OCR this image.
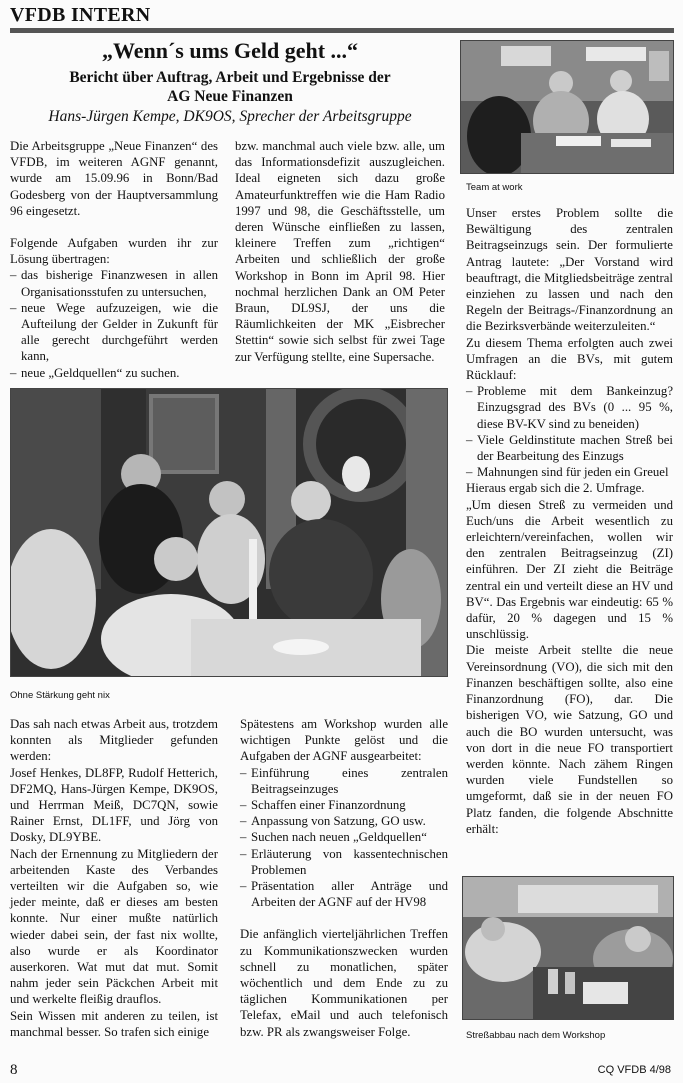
VFDB INTERN
„Wenn´s ums Geld geht ...“
Bericht über Auftrag, Arbeit und Ergebnisse der
AG Neue Finanzen
Hans-Jürgen Kempe, DK9OS, Sprecher der Arbeitsgruppe

Die Arbeitsgruppe „Neue Finanzen“ des VFDB, im weiteren AGNF genannt, wurde am 15.09.96 in Bonn/Bad Godesberg von der Hauptversammlung 96 eingesetzt.

Folgende Aufgaben wurden ihr zur Lösung übertragen:

– das bisherige Finanzwesen in allen Organisationsstufen zu untersuchen,
– neue Wege aufzuzeigen, wie die Aufteilung der Gelder in Zukunft für alle gerecht durchgeführt werden kann,
– neue „Geldquellen“ zu suchen.

bzw. manchmal auch viele bzw. alle, um das Informationsdefizit auszugleichen. Ideal eigneten sich dazu große Amateurfunktreffen wie die Ham Radio 1997 und 98, die Geschäftsstelle, um deren Wünsche einfließen zu lassen, kleinere Treffen zum „richtigen“ Arbeiten und schließlich der große Workshop in Bonn im April 98. Hier nochmal herzlichen Dank an OM Peter Braun, DL9SJ, der uns die Räumlichkeiten der MK „Eisbrecher Stettin“ sowie sich selbst für zwei Tage zur Verfügung stellte, eine Supersache.

Team at work

Unser erstes Problem sollte die Bewältigung des zentralen Beitragseinzugs sein. Der formulierte Antrag lautete: „Der Vorstand wird beauftragt, die Mitgliedsbeiträge zentral einziehen zu lassen und nach den Regeln der Beitrags-/Finanzordnung an die Bezirksverbände weiterzuleiten.“

Zu diesem Thema erfolgten auch zwei Umfragen an die BVs, mit gutem Rücklauf:

– Probleme mit dem Bankeinzug? Einzugsgrad des BVs (0 ... 95 %, diese BV-KV sind zu beneiden)
– Viele Geldinstitute machen Streß bei der Bearbeitung des Einzugs
– Mahnungen sind für jeden ein Greuel

Hieraus ergab sich die 2. Umfrage.

„Um diesen Streß zu vermeiden und Euch/uns die Arbeit wesentlich zu erleichtern/vereinfachen, wollen wir den zentralen Beitragseinzug (ZI) einführen. Der ZI zieht die Beiträge zentral ein und verteilt diese an HV und BV“. Das Ergebnis war eindeutig: 65 % dafür, 20 % dagegen und 15 % unschlüssig.

Die meiste Arbeit stellte die neue Vereinsordnung (VO), die sich mit den Finanzen beschäftigen sollte, also eine Finanzordnung (FO), dar. Die bisherigen VO, wie Satzung, GO und auch die BO wurden untersucht, was von dort in die neue FO transportiert werden könnte. Nach zähem Ringen wurden viele Fundstellen so umgeformt, daß sie in der neuen FO Platz fanden, die folgende Abschnitte erhält:

Ohne Stärkung geht nix

Das sah nach etwas Arbeit aus, trotzdem konnten als Mitglieder gefunden werden:

Josef Henkes, DL8FP, Rudolf Hetterich, DF2MQ, Hans-Jürgen Kempe, DK9OS, und Herrman Meiß, DC7QN, sowie Rainer Ernst, DL1FF, und Jörg von Dosky, DL9YBE.

Nach der Ernennung zu Mitgliedern der arbeitenden Kaste des Verbandes verteilten wir die Aufgaben so, wie jeder meinte, daß er dieses am besten konnte. Nur einer mußte natürlich wieder dabei sein, der fast nix wollte, also wurde er als Koordinator auserkoren. Wat mut dat mut. Somit nahm jeder sein Päckchen Arbeit mit und werkelte fleißig drauflos.

Sein Wissen mit anderen zu teilen, ist manchmal besser. So trafen sich einige

Spätestens am Workshop wurden alle wichtigen Punkte gelöst und die Aufgaben der AGNF ausgearbeitet:

– Einführung eines zentralen Beitragseinzuges
– Schaffen einer Finanzordnung
– Anpassung von Satzung, GO usw.
– Suchen nach neuen „Geldquellen“
– Erläuterung von kassentechnischen Problemen
– Präsentation aller Anträge und Arbeiten der AGNF auf der HV98

Die anfänglich vierteljährlichen Treffen zu Kommunikationszwecken wurden schnell zu monatlichen, später wöchentlich und dem Ende zu zu täglichen Kommunikationen per Telefax, eMail und auch telefonisch bzw. PR als zwangsweiser Folge.	Streßabbau nach dem Workshop
8	CQ VFDB 4/98
